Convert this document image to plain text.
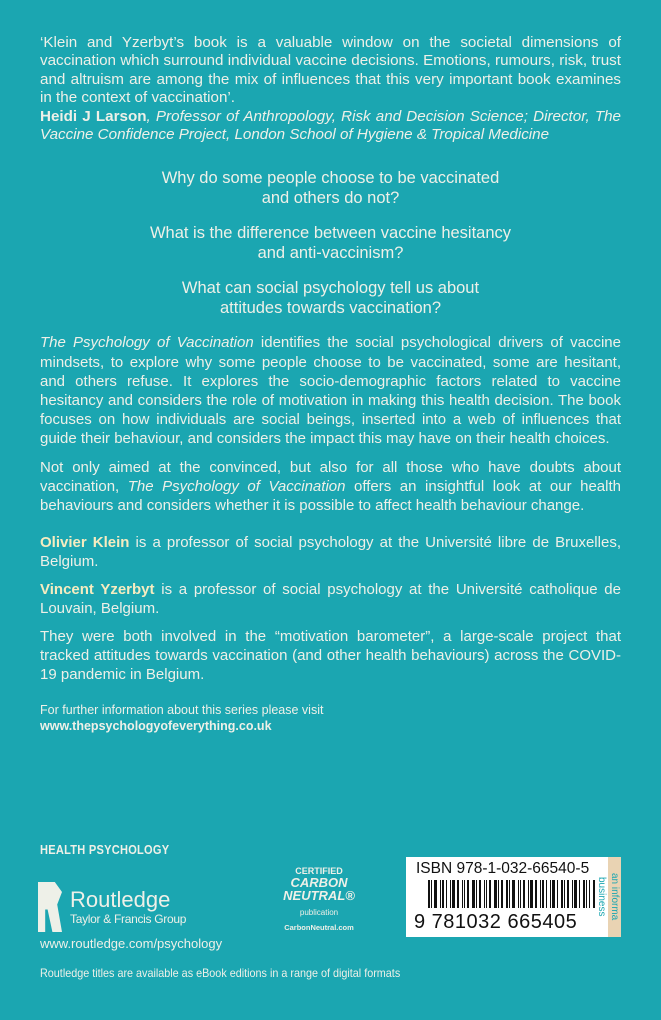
‘Klein and Yzerbyt’s book is a valuable window on the societal dimensions of vaccination which surround individual vaccine decisions. Emotions, rumours, risk, trust and altruism are among the mix of influences that this very important book examines in the context of vaccination’.
Heidi J Larson, Professor of Anthropology, Risk and Decision Science; Director, The Vaccine Confidence Project, London School of Hygiene & Tropical Medicine
Why do some people choose to be vaccinated
and others do not?
What is the difference between vaccine hesitancy
and anti-vaccinism?
What can social psychology tell us about
attitudes towards vaccination?

The Psychology of Vaccination identifies the social psychological drivers of vaccine mindsets, to explore why some people choose to be vaccinated, some are hesitant, and others refuse. It explores the socio-demographic factors related to vaccine hesitancy and considers the role of motivation in making this health decision. The book focuses on how individuals are social beings, inserted into a web of influences that guide their behaviour, and considers the impact this may have on their health choices.

Not only aimed at the convinced, but also for all those who have doubts about vaccination, The Psychology of Vaccination offers an insightful look at our health behaviours and considers whether it is possible to affect health behaviour change.

Olivier Klein is a professor of social psychology at the Université libre de Bruxelles, Belgium.

Vincent Yzerbyt is a professor of social psychology at the Université catholique de Louvain, Belgium.

They were both involved in the “motivation barometer”, a large-scale project that tracked attitudes towards vaccination (and other health behaviours) across the COVID-19 pandemic in Belgium.

For further information about this series please visit
www.thepsychologyofeverything.co.uk
HEALTH PSYCHOLOGY
Routledge
Taylor & Francis Group
www.routledge.com/psychology
CERTIFIED
CARBON NEUTRAL®
publication
CarbonNeutral.com
ISBN 978-1-032-66540-5
9 781032 665405
an informa business
Routledge titles are available as eBook editions in a range of digital formats
